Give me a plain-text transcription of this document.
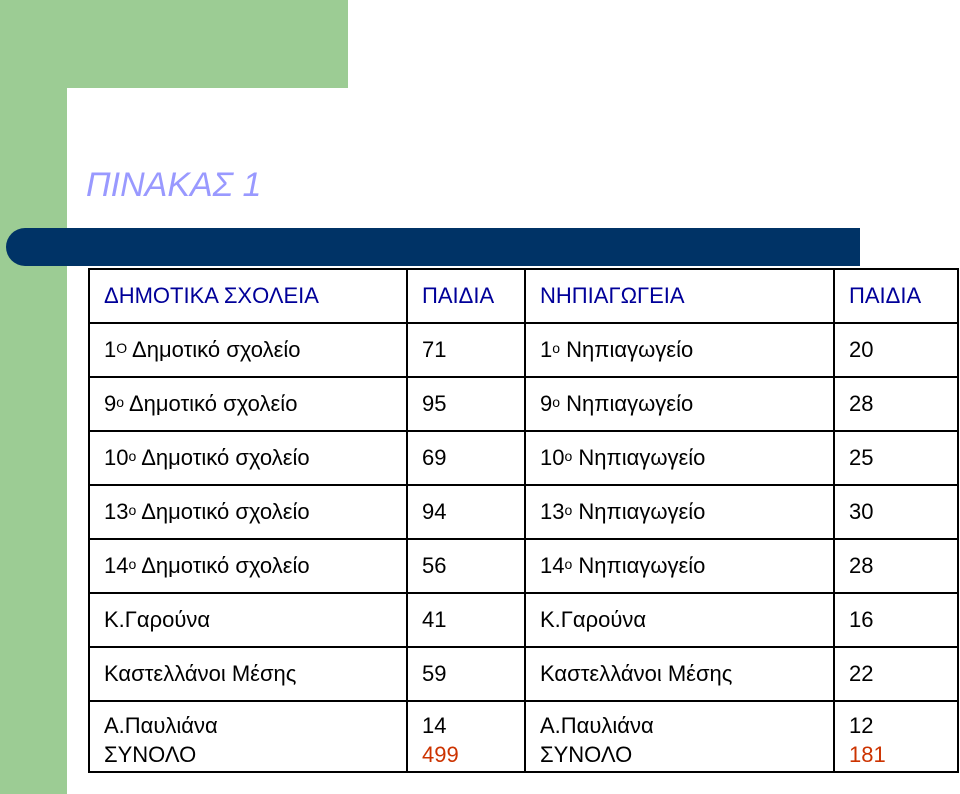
ΠΙΝΑΚΑΣ 1
ΔΗΜΟΤΙΚΑ ΣΧΟΛΕΙΑ	ΠΑΙΔΙΑ	ΝΗΠΙΑΓΩΓΕΙΑ	ΠΑΙΔΙΑ
$1^O$ Δημοτικό σχολείο	71	$1^o$ Νηπιαγωγείο	20
$9^o$ Δημοτικό σχολείο	95	$9^o$ Νηπιαγωγείο	28
$10^o$ Δημοτικό σχολείο	69	$10^o$ Νηπιαγωγείο	25
$13^o$ Δημοτικό σχολείο	94	$13^o$ Νηπιαγωγείο	30
$14^o$ Δημοτικό σχολείο	56	$14^o$ Νηπιαγωγείο	28
Κ.Γαρούνα	41	Κ.Γαρούνα	16
Καστελλάνοι Μέσης	59	Καστελλάνοι Μέσης	22
Α.Παυλιάνα	14	Α.Παυλιάνα	12
ΣΥΝΟΛΟ	499	ΣΥΝΟΛΟ	181
